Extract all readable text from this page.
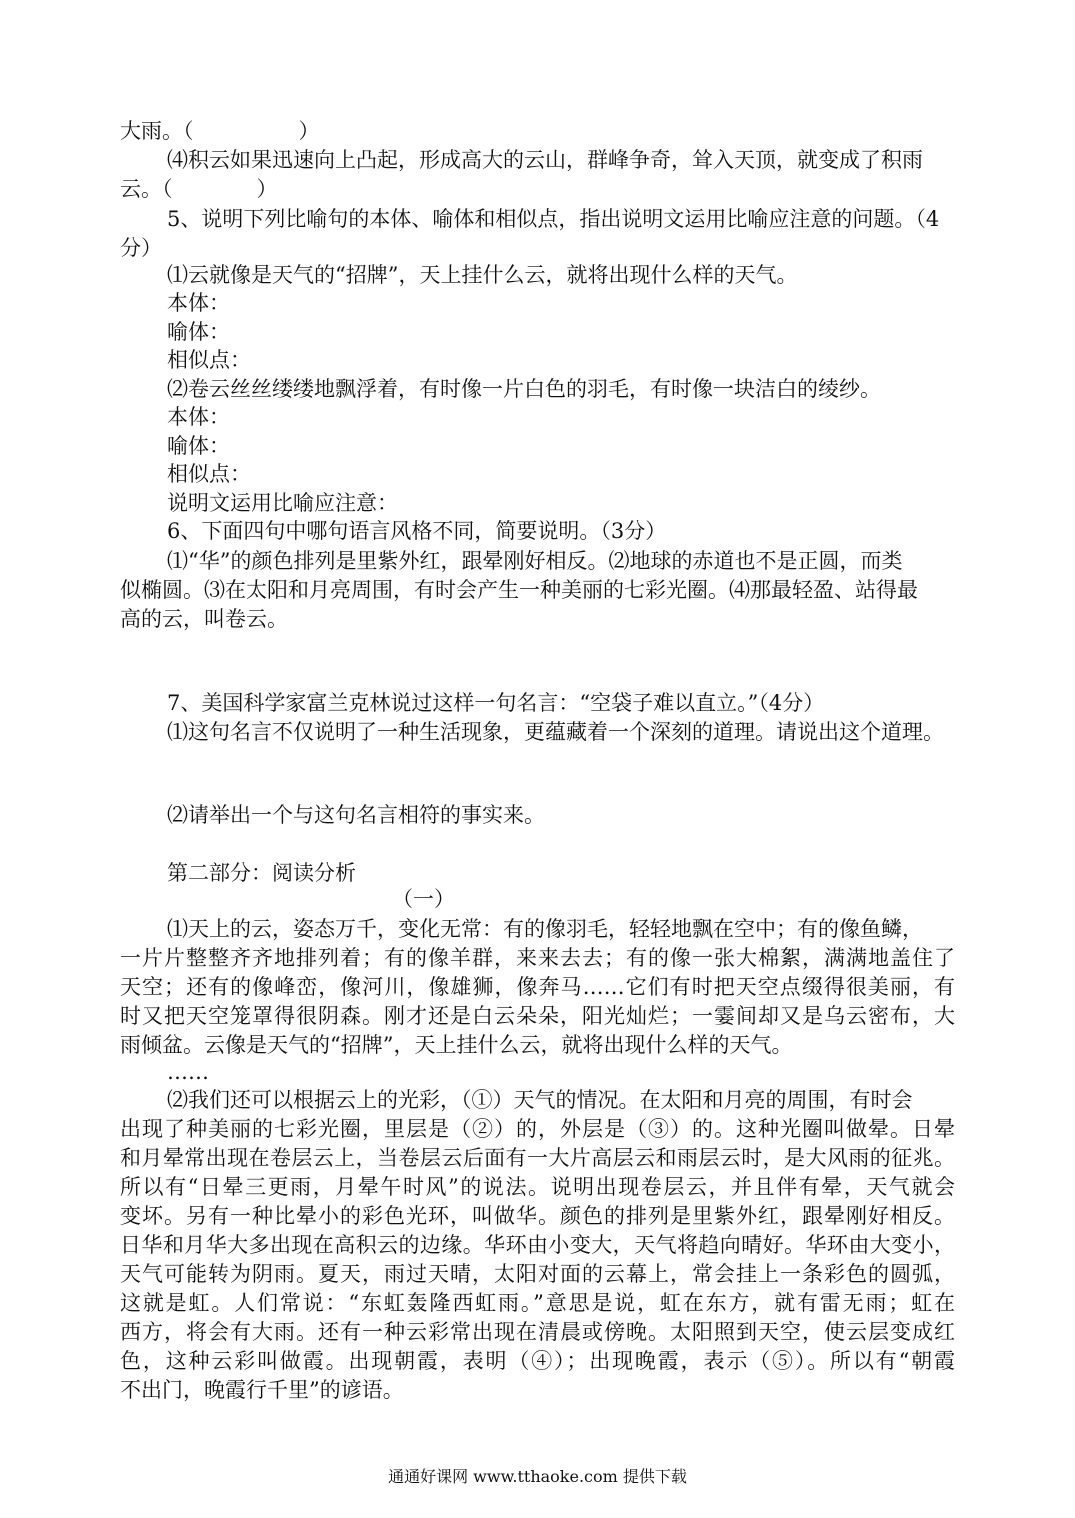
大雨。（　　　　　）
⑷积云如果迅速向上凸起，形成高大的云山，群峰争奇，耸入天顶，就变成了积雨
云。（　　　　）
5、说明下列比喻句的本体、喻体和相似点，指出说明文运用比喻应注意的问题。（4
分）
⑴云就像是天气的“招牌”，天上挂什么云，就将出现什么样的天气。
本体：
喻体：
相似点：
⑵卷云丝丝缕缕地飘浮着，有时像一片白色的羽毛，有时像一块洁白的绫纱。
本体：
喻体：
相似点：
说明文运用比喻应注意：
6、下面四句中哪句语言风格不同，简要说明。（3分）
⑴“华”的颜色排列是里紫外红，跟晕刚好相反。⑵地球的赤道也不是正圆，而类
似椭圆。⑶在太阳和月亮周围，有时会产生一种美丽的七彩光圈。⑷那最轻盈、站得最
高的云，叫卷云。
7、美国科学家富兰克林说过这样一句名言：“空袋子难以直立。”（4分）
⑴这句名言不仅说明了一种生活现象，更蕴藏着一个深刻的道理。请说出这个道理。
⑵请举出一个与这句名言相符的事实来。
第二部分：阅读分析
（一）
⑴天上的云，姿态万千，变化无常：有的像羽毛，轻轻地飘在空中；有的像鱼鳞，
一片片整整齐齐地排列着；有的像羊群，来来去去；有的像一张大棉絮，满满地盖住了
天空；还有的像峰峦，像河川，像雄狮，像奔马……它们有时把天空点缀得很美丽，有
时又把天空笼罩得很阴森。刚才还是白云朵朵，阳光灿烂；一霎间却又是乌云密布，大
雨倾盆。云像是天气的“招牌”，天上挂什么云，就将出现什么样的天气。
……
⑵我们还可以根据云上的光彩，（①）天气的情况。在太阳和月亮的周围，有时会
出现了种美丽的七彩光圈，里层是（②）的，外层是（③）的。这种光圈叫做晕。日晕
和月晕常出现在卷层云上，当卷层云后面有一大片高层云和雨层云时，是大风雨的征兆。
所以有“日晕三更雨，月晕午时风”的说法。说明出现卷层云，并且伴有晕，天气就会
变坏。另有一种比晕小的彩色光环，叫做华。颜色的排列是里紫外红，跟晕刚好相反。
日华和月华大多出现在高积云的边缘。华环由小变大，天气将趋向晴好。华环由大变小，
天气可能转为阴雨。夏天，雨过天晴，太阳对面的云幕上，常会挂上一条彩色的圆弧，
这就是虹。人们常说：“东虹轰隆西虹雨。”意思是说，虹在东方，就有雷无雨；虹在
西方，将会有大雨。还有一种云彩常出现在清晨或傍晚。太阳照到天空，使云层变成红
色，这种云彩叫做霞。出现朝霞，表明（④）；出现晚霞，表示（⑤）。所以有“朝霞
不出门，晚霞行千里”的谚语。
通通好课网 www.tthaoke.com 提供下载
